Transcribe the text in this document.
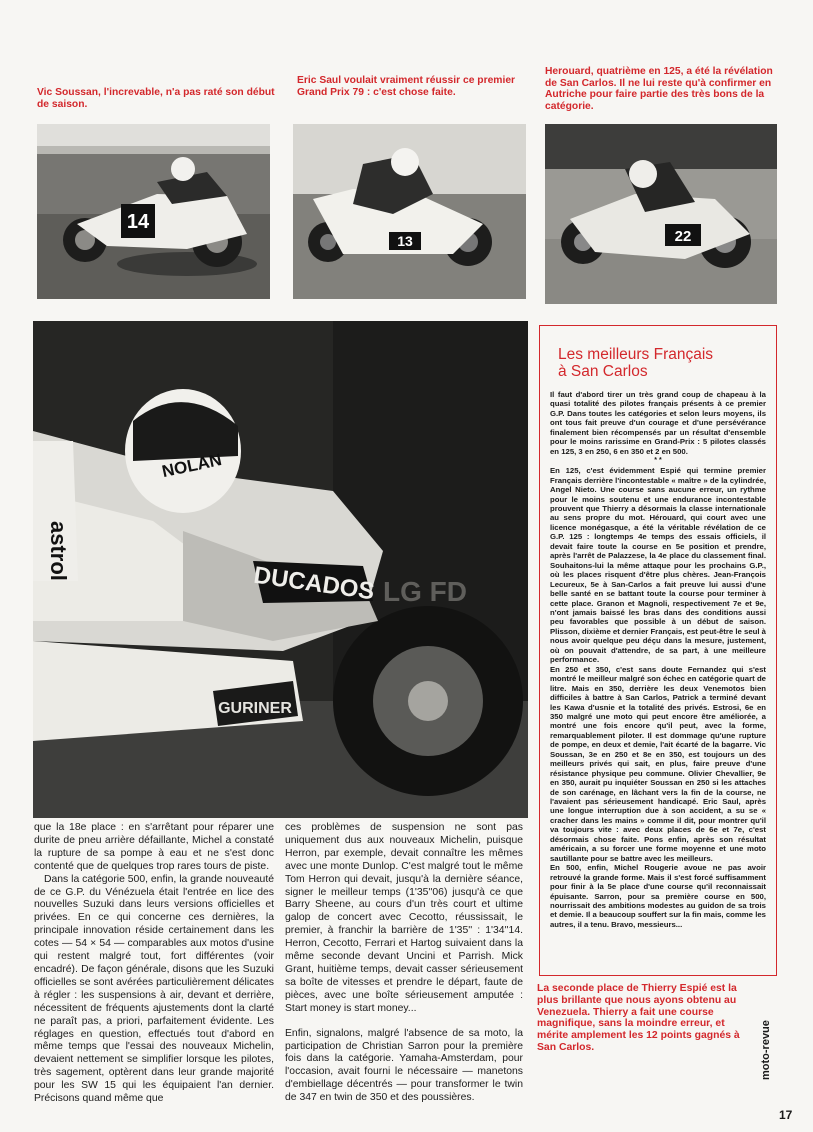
Vic Soussan, l'increvable, n'a pas raté son début de saison.

Eric Saul voulait vraiment réussir ce premier Grand Prix 79 : c'est chose faite.

Herouard, quatrième en 125, a été la révélation de San Carlos. Il ne lui reste qu'à confirmer en Autriche pour faire partie des très bons de la catégorie.

14
13	22
DUCADOS
GURINER
NOLAN
astrol
LG FD

que la 18e place : en s'arrêtant pour réparer une durite de pneu arrière défaillante, Michel a constaté la rupture de sa pompe à eau et ne s'est donc contenté que de quelques trop rares tours de piste.

Dans la catégorie 500, enfin, la grande nouveauté de ce G.P. du Vénézuela était l'entrée en lice des nouvelles Suzuki dans leurs versions officielles et privées. En ce qui concerne ces dernières, la principale innovation réside certainement dans les cotes — 54 × 54 — comparables aux motos d'usine qui restent malgré tout, fort différentes (voir encadré). De façon générale, disons que les Suzuki officielles se sont avérées particulièrement délicates à régler : les suspensions à air, devant et derrière, nécessitent de fréquents ajustements dont la clarté ne paraît pas, a priori, parfaitement évidente. Les réglages en question, effectués tout d'abord en même temps que l'essai des nouveaux Michelin, devaient nettement se simplifier lorsque les pilotes, très sagement, optèrent dans leur grande majorité pour les SW 15 qui les équipaient l'an dernier. Précisons quand même que

ces problèmes de suspension ne sont pas uniquement dus aux nouveaux Michelin, puisque Herron, par exemple, devait connaître les mêmes avec une monte Dunlop. C'est malgré tout le même Tom Herron qui devait, jusqu'à la dernière séance, signer le meilleur temps (1'35''06) jusqu'à ce que Barry Sheene, au cours d'un très court et ultime galop de concert avec Cecotto, réussissait, le premier, à franchir la barrière de 1'35'' : 1'34''14. Herron, Cecotto, Ferrari et Hartog suivaient dans la même seconde devant Uncini et Parrish. Mick Grant, huitième temps, devait casser sérieusement sa boîte de vitesses et prendre le départ, faute de pièces, avec une boîte sérieusement amputée : Start money is start money...

Enfin, signalons, malgré l'absence de sa moto, la participation de Christian Sarron pour la première fois dans la catégorie. Yamaha-Amsterdam, pour l'occasion, avait fourni le nécessaire — manetons d'embiellage décentrés — pour transformer le twin de 347 en twin de 350 et des poussières.

Les meilleurs Français
à San Carlos

Il faut d'abord tirer un très grand coup de chapeau à la quasi totalité des pilotes français présents à ce premier G.P. Dans toutes les catégories et selon leurs moyens, ils ont tous fait preuve d'un courage et d'une persévérance finalement bien récompensés par un résultat d'ensemble pour le moins rarissime en Grand-Prix : 5 pilotes classés en 125, 3 en 250, 6 en 350 et 2 en 500.

* *

En 125, c'est évidemment Espié qui termine premier Français derrière l'incontestable « maître » de la cylindrée, Angel Nieto. Une course sans aucune erreur, un rythme pour le moins soutenu et une endurance incontestable prouvent que Thierry a désormais la classe internationale au sens propre du mot. Hérouard, qui court avec une licence monégasque, a été la véritable révélation de ce G.P. 125 : longtemps 4e temps des essais officiels, il devait faire toute la course en 5e position et prendre, après l'arrêt de Palazzese, la 4e place du classement final. Souhaitons-lui la même attaque pour les prochains G.P., où les places risquent d'être plus chères. Jean-François Lecureux, 5e à San-Carlos a fait preuve lui aussi d'une belle santé en se battant toute la course pour terminer à cette place. Granon et Magnoli, respectivement 7e et 9e, n'ont jamais baissé les bras dans des conditions aussi peu favorables que possible à un début de saison. Plisson, dixième et dernier Français, est peut-être le seul à nous avoir quelque peu déçu dans la mesure, justement, où on pouvait d'attendre, de sa part, à une meilleure performance.

En 250 et 350, c'est sans doute Fernandez qui s'est montré le meilleur malgré son échec en catégorie quart de litre. Mais en 350, derrière les deux Venemotos bien difficiles à battre à San Carlos, Patrick a terminé devant les Kawa d'usnie et la totalité des privés. Estrosi, 6e en 350 malgré une moto qui peut encore être améliorée, a montré une fois encore qu'il peut, avec la forme, remarquablement piloter. Il est dommage qu'une rupture de pompe, en deux et demie, l'ait écarté de la bagarre. Vic Soussan, 3e en 250 et 8e en 350, est toujours un des meilleurs privés qui sait, en plus, faire preuve d'une résistance physique peu commune. Olivier Chevallier, 9e en 350, aurait pu inquiéter Soussan en 250 si les attaches de son carénage, en lâchant vers la fin de la course, ne l'avaient pas sérieusement handicapé. Eric Saul, après une longue interruption due à son accident, a su se « cracher dans les mains » comme il dit, pour montrer qu'il va toujours vite : avec deux places de 6e et 7e, c'est désormais chose faite. Pons enfin, après son résultat américain, a su forcer une forme moyenne et une moto sautillante pour se battre avec les meilleurs.

En 500, enfin, Michel Rougerie avoue ne pas avoir retrouvé la grande forme. Mais il s'est forcé suffisamment pour finir à la 5e place d'une course qu'il reconnaissait épuisante. Sarron, pour sa première course en 500, nourrissait des ambitions modestes au guidon de sa trois et demie. Il a beaucoup souffert sur la fin mais, comme les autres, il a tenu. Bravo, messieurs...

La seconde place de Thierry Espié est la plus brillante que nous ayons obtenu au Venezuela. Thierry a fait une course magnifique, sans la moindre erreur, et mérite amplement les 12 points gagnés à San Carlos.	moto-revue
17
